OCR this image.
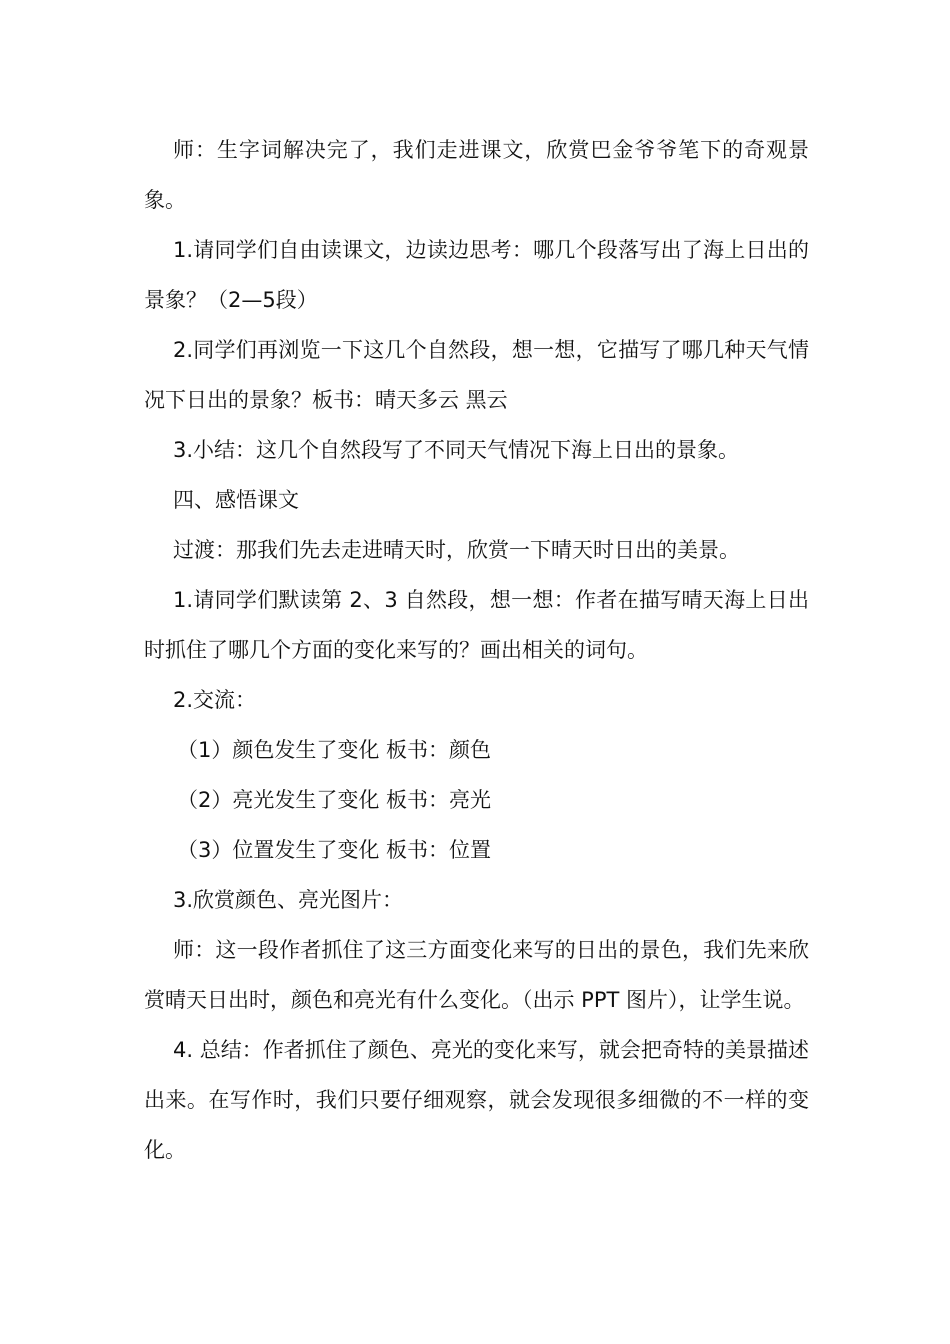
师：生字词解决完了，我们走进课文，欣赏巴金爷爷笔下的奇观景象。

1.请同学们自由读课文，边读边思考：哪几个段落写出了海上日出的景象？（2—5段）

2.同学们再浏览一下这几个自然段，想一想，它描写了哪几种天气情况下日出的景象？板书：晴天多云 黑云

3.小结：这几个自然段写了不同天气情况下海上日出的景象。

四、感悟课文

过渡：那我们先去走进晴天时，欣赏一下晴天时日出的美景。

1.请同学们默读第 2、3 自然段，想一想：作者在描写晴天海上日出时抓住了哪几个方面的变化来写的？画出相关的词句。

2.交流：

（1）颜色发生了变化 板书：颜色

（2）亮光发生了变化 板书：亮光

（3）位置发生了变化 板书：位置

3.欣赏颜色、亮光图片：

师：这一段作者抓住了这三方面变化来写的日出的景色，我们先来欣赏晴天日出时，颜色和亮光有什么变化。（出示 PPT 图片），让学生说。

4. 总结：作者抓住了颜色、亮光的变化来写，就会把奇特的美景描述出来。在写作时，我们只要仔细观察，就会发现很多细微的不一样的变化。
